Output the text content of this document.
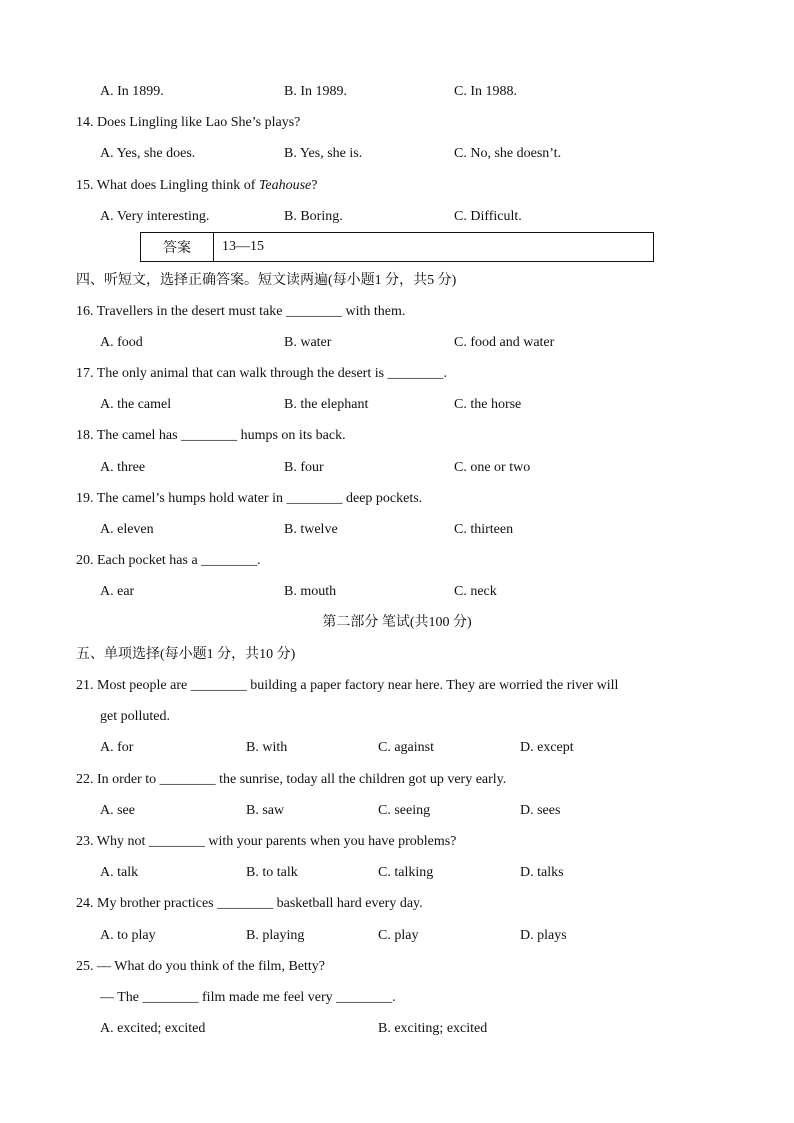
A. In 1899.	B. In 1989.	C. In 1988.
14. Does Lingling like Lao She’s plays?
A. Yes, she does.	B. Yes, she is.	C. No, she doesn’t.
15. What does Lingling think of Teahouse?
A. Very interesting.	B. Boring.	C. Difficult.
答案	13—15
四、听短文，选择正确答案。短文读两遍(每小题1 分，共5 分)
16. Travellers in the desert must take ________ with them.
A. food	B. water	C. food and water
17. The only animal that can walk through the desert is ________.
A. the camel	B. the elephant	C. the horse
18. The camel has ________ humps on its back.
A. three	B. four	C. one or two
19. The camel’s humps hold water in ________ deep pockets.
A. eleven	B. twelve	C. thirteen
20. Each pocket has a ________.
A. ear	B. mouth	C. neck
第二部分 笔试(共100 分)
五、单项选择(每小题1 分，共10 分)
21. Most people are ________ building a paper factory near here. They are worried the river will
get polluted.
A. for	B. with	C. against	D. except
22. In order to ________ the sunrise, today all the children got up very early.
A. see	B. saw	C. seeing	D. sees
23. Why not ________ with your parents when you have problems?
A. talk	B. to talk	C. talking	D. talks
24. My brother practices ________ basketball hard every day.
A. to play	B. playing	C. play	D. plays
25. — What do you think of the film, Betty?
— The ________ film made me feel very ________.
A. excited; excited	B. exciting; excited
